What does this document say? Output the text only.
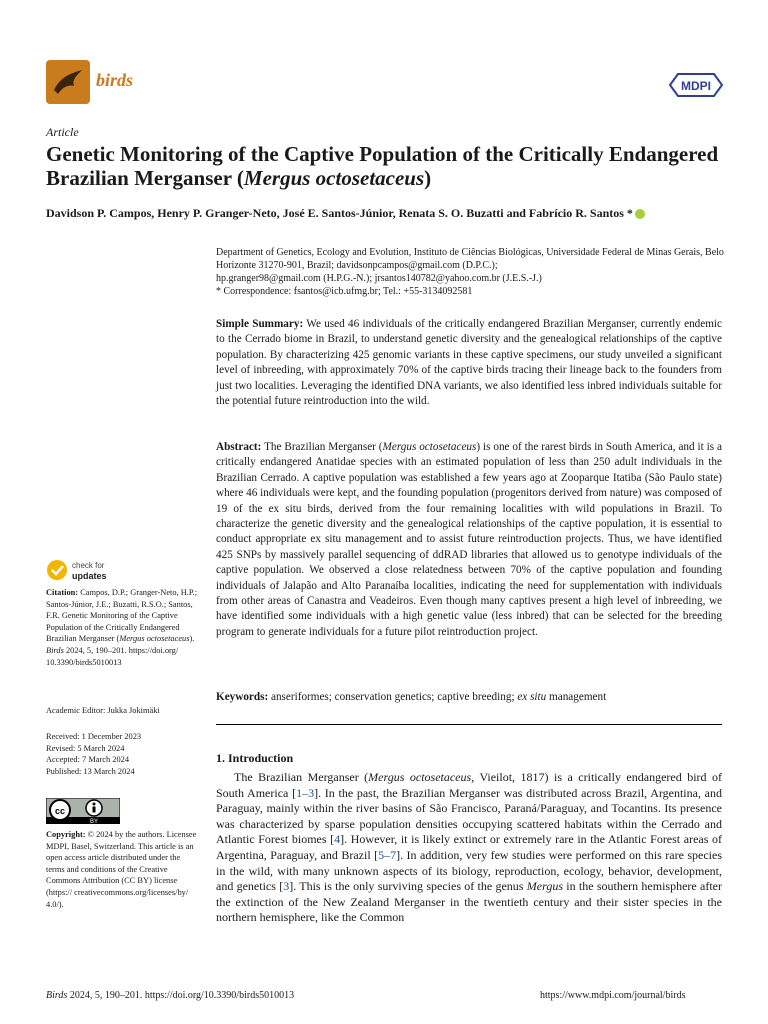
birds	MDPI
Article
Genetic Monitoring of the Captive Population of the Critically Endangered Brazilian Merganser (Mergus octosetaceus)
Davidson P. Campos, Henry P. Granger-Neto, José E. Santos-Júnior, Renata S. O. Buzatti and Fabrício R. Santos *
Department of Genetics, Ecology and Evolution, Instituto de Ciências Biológicas, Universidade Federal de Minas Gerais, Belo Horizonte 31270-901, Brazil; davidsonpcampos@gmail.com (D.P.C.);
hp.granger98@gmail.com (H.P.G.-N.); jrsantos140782@yahoo.com.br (J.E.S.-J.)
* Correspondence: fsantos@icb.ufmg.br; Tel.: +55-3134092581
Simple Summary: We used 46 individuals of the critically endangered Brazilian Merganser, currently endemic to the Cerrado biome in Brazil, to understand genetic diversity and the genealogical relationships of the captive population. By characterizing 425 genomic variants in these captive specimens, our study unveiled a significant level of inbreeding, with approximately 70% of the captive birds tracing their lineage back to the founders from just two localities. Leveraging the identified DNA variants, we also identified less inbred individuals suitable for the potential future reintroduction into the wild.
Abstract: The Brazilian Merganser (Mergus octosetaceus) is one of the rarest birds in South America, and it is a critically endangered Anatidae species with an estimated population of less than 250 adult individuals in the Brazilian Cerrado. A captive population was established a few years ago at Zooparque Itatiba (São Paulo state) where 46 individuals were kept, and the founding population (progenitors derived from nature) was composed of 19 of the ex situ birds, derived from the four remaining localities with wild populations in Brazil. To characterize the genetic diversity and the genealogical relationships of the captive population, it is essential to conduct appropriate ex situ management and to assist future reintroduction projects. Thus, we have identified 425 SNPs by massively parallel sequencing of ddRAD libraries that allowed us to genotype individuals of the captive population. We observed a close relatedness between 70% of the captive population and founding individuals of Jalapão and Alto Paranaíba localities, indicating the need for supplementation with individuals from other areas of Canastra and Veadeiros. Even though many captives present a high level of inbreeding, we have identified some individuals with a high genetic value (less inbred) that can be selected for the breeding program to generate individuals for a future pilot reintroduction project.
Keywords: anseriformes; conservation genetics; captive breeding; ex situ management
1. Introduction
  The Brazilian Merganser (Mergus octosetaceus, Vieilot, 1817) is a critically endangered bird of South America [1–3]. In the past, the Brazilian Merganser was distributed across Brazil, Argentina, and Paraguay, mainly within the river basins of São Francisco, Paraná/Paraguay, and Tocantins. Its presence was characterized by sparse population densities occupying scattered habitats within the Cerrado and Atlantic Forest biomes [4]. However, it is likely extinct or extremely rare in the Atlantic Forest areas of Argentina, Paraguay, and Brazil [5–7]. In addition, very few studies were performed on this rare species in the wild, with many unknown aspects of its biology, reproduction, ecology, behavior, development, and genetics [3]. This is the only surviving species of the genus Mergus in the southern hemisphere after the extinction of the New Zealand Merganser in the twentieth century and their sister species in the northern hemisphere, like the Common
check for
updates
Citation: Campos, D.P.; Granger-Neto, H.P.; Santos-Júnior, J.E.; Buzatti, R.S.O.; Santos, F.R. Genetic Monitoring of the Captive Population of the Critically Endangered Brazilian Merganser (Mergus octosetaceus). Birds 2024, 5, 190–201. https://doi.org/ 10.3390/birds5010013
Academic Editor: Jukka Jokimäki
Received: 1 December 2023
Revised: 5 March 2024
Accepted: 7 March 2024
Published: 13 March 2024
cc
BY
Copyright: © 2024 by the authors. Licensee MDPI, Basel, Switzerland. This article is an open access article distributed under the terms and conditions of the Creative Commons Attribution (CC BY) license (https:// creativecommons.org/licenses/by/ 4.0/).
Birds 2024, 5, 190–201. https://doi.org/10.3390/birds5010013	https://www.mdpi.com/journal/birds
